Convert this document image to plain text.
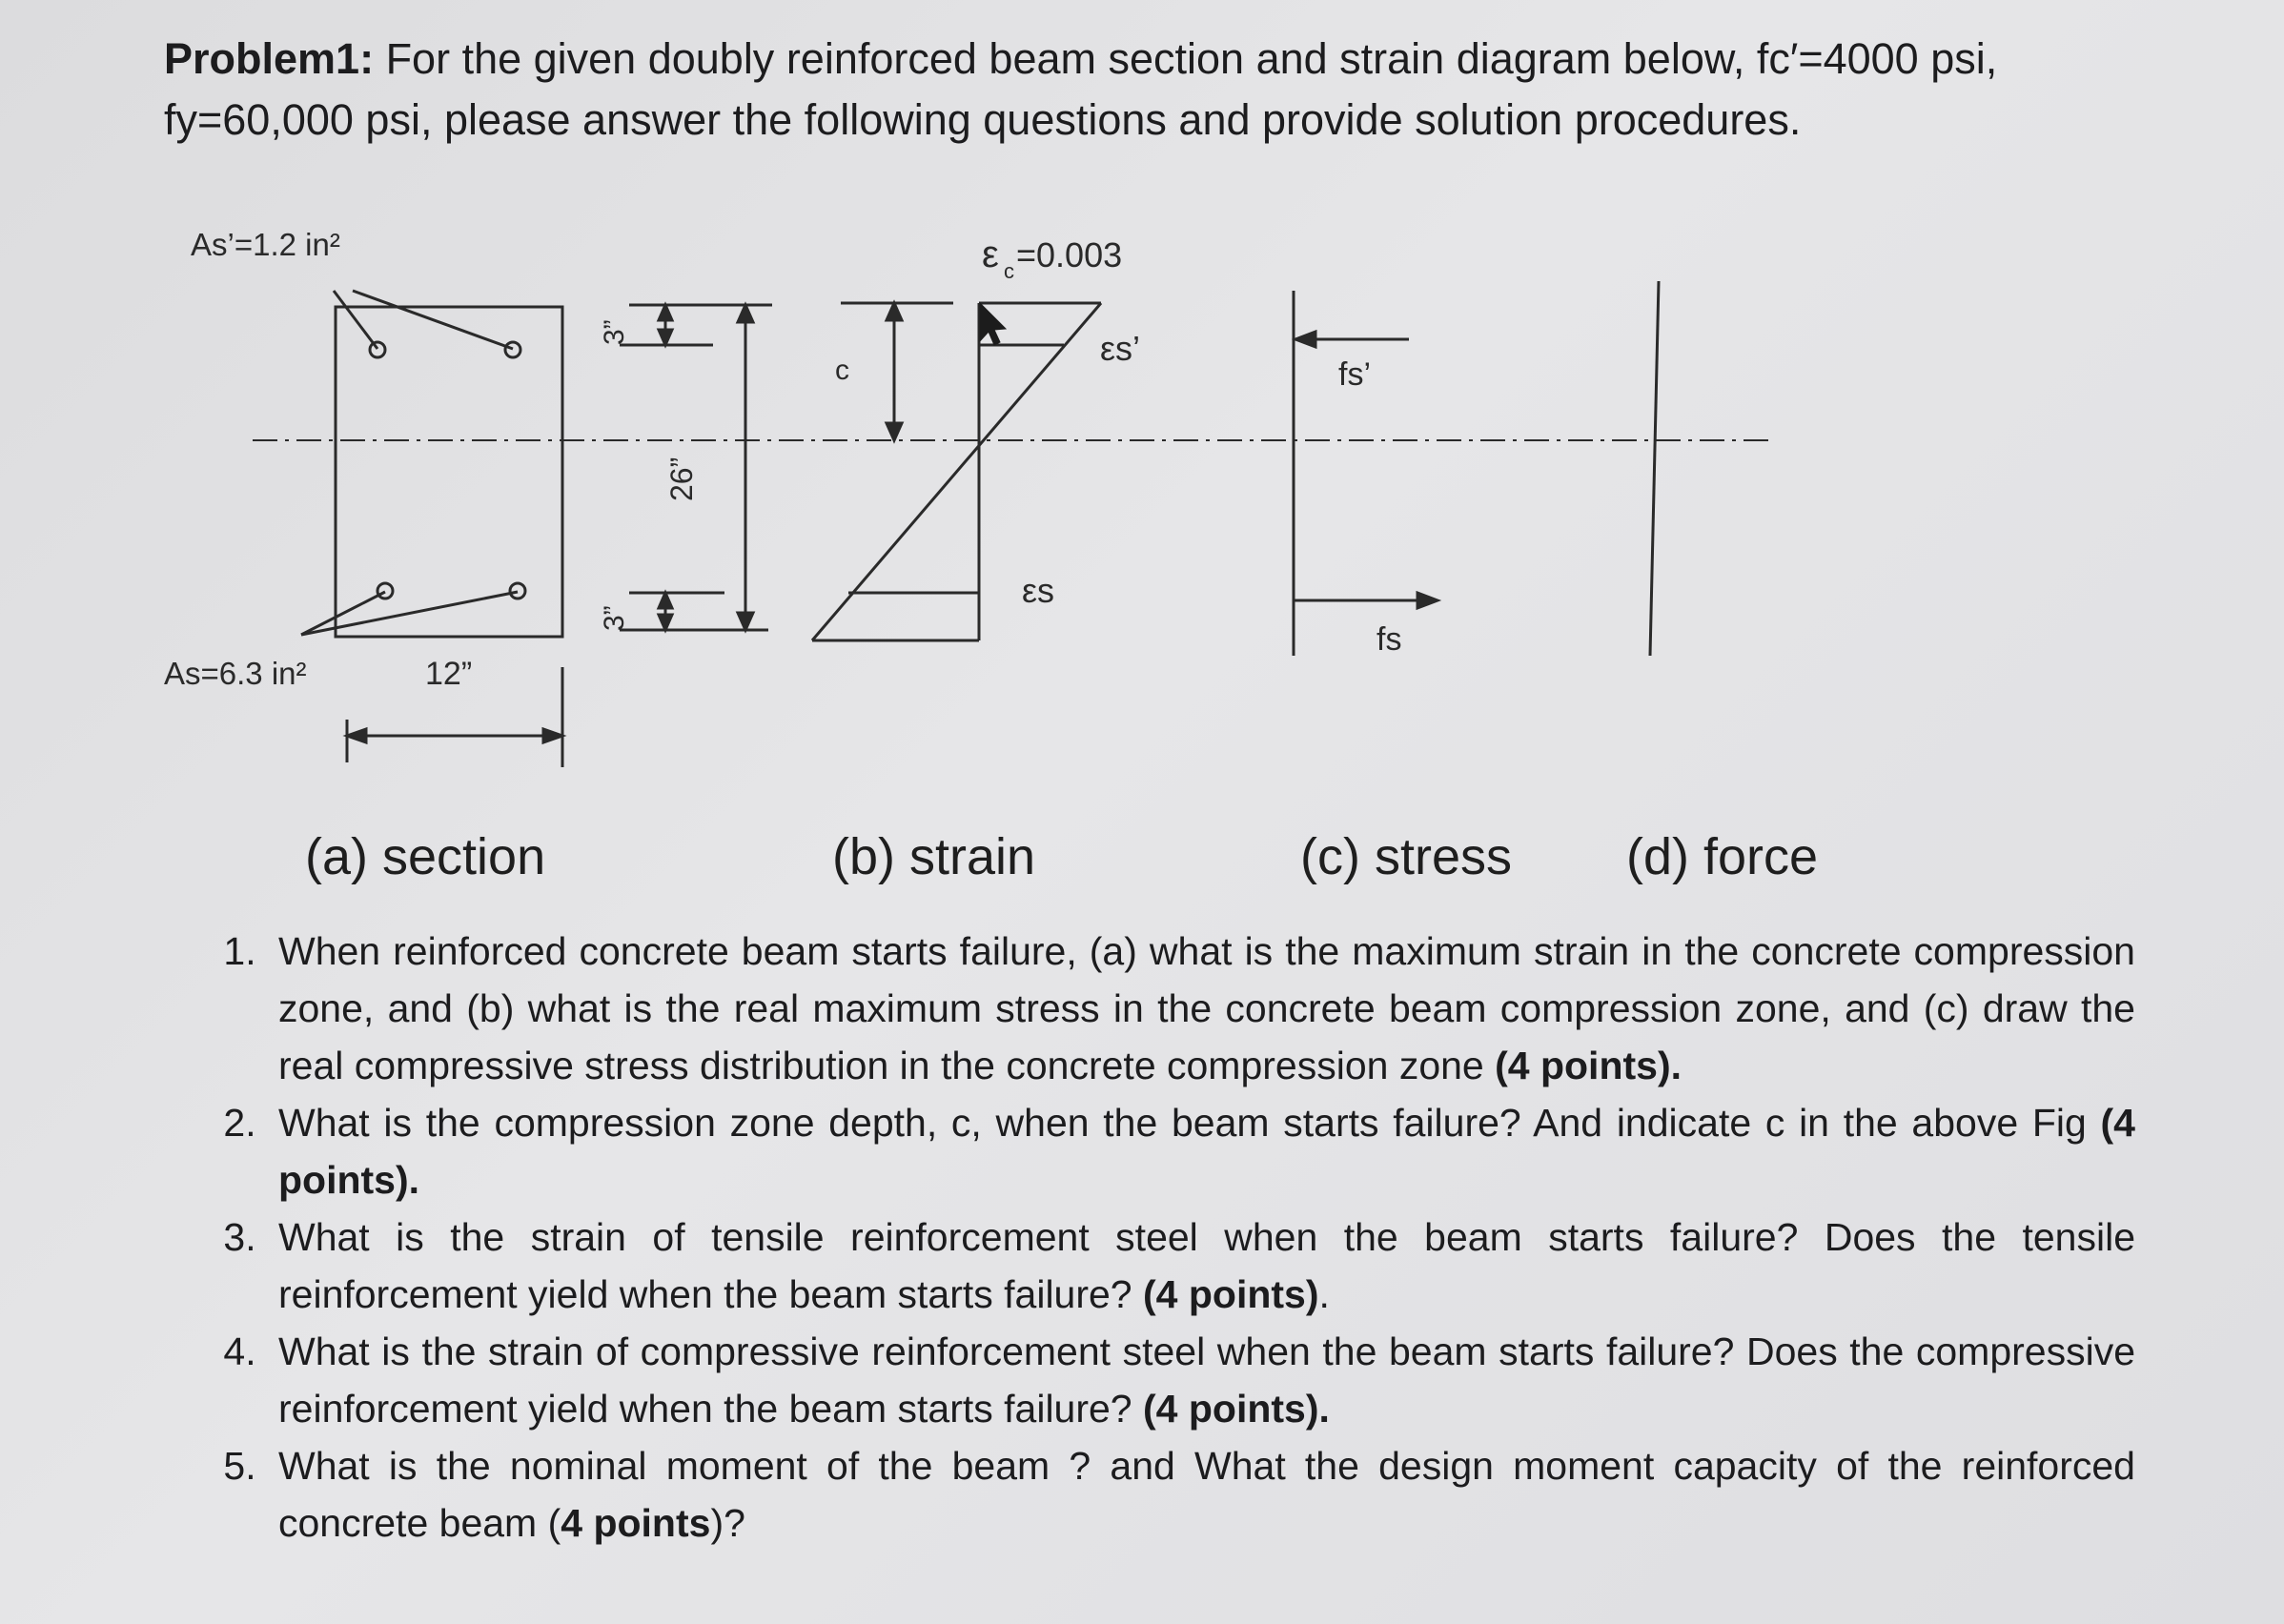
Problem1: For the given doubly reinforced beam section and strain diagram below, fc′=4000 psi, fy=60,000 psi, please answer the following questions and provide solution procedures.
As’=1.2 in²
As=6.3 in²	12”
3”
26”
3”
ε c =0.003
c
εs’
εs
fs’
fs
(a) section	(b) strain	(c) stress (d) force
1. When reinforced concrete beam starts failure, (a) what is the maximum strain in the concrete compression zone, and (b) what is the real maximum stress in the concrete beam compression zone, and (c) draw the real compressive stress distribution in the concrete compression zone (4 points).
2. What is the compression zone depth, c, when the beam starts failure? And indicate c in the above Fig (4 points).
3. What is the strain of tensile reinforcement steel when the beam starts failure? Does the tensile reinforcement yield when the beam starts failure? (4 points).
4. What is the strain of compressive reinforcement steel when the beam starts failure? Does the compressive reinforcement yield when the beam starts failure? (4 points).
5. What is the nominal moment of the beam ? and What the design moment capacity of the reinforced concrete beam (4 points)?
